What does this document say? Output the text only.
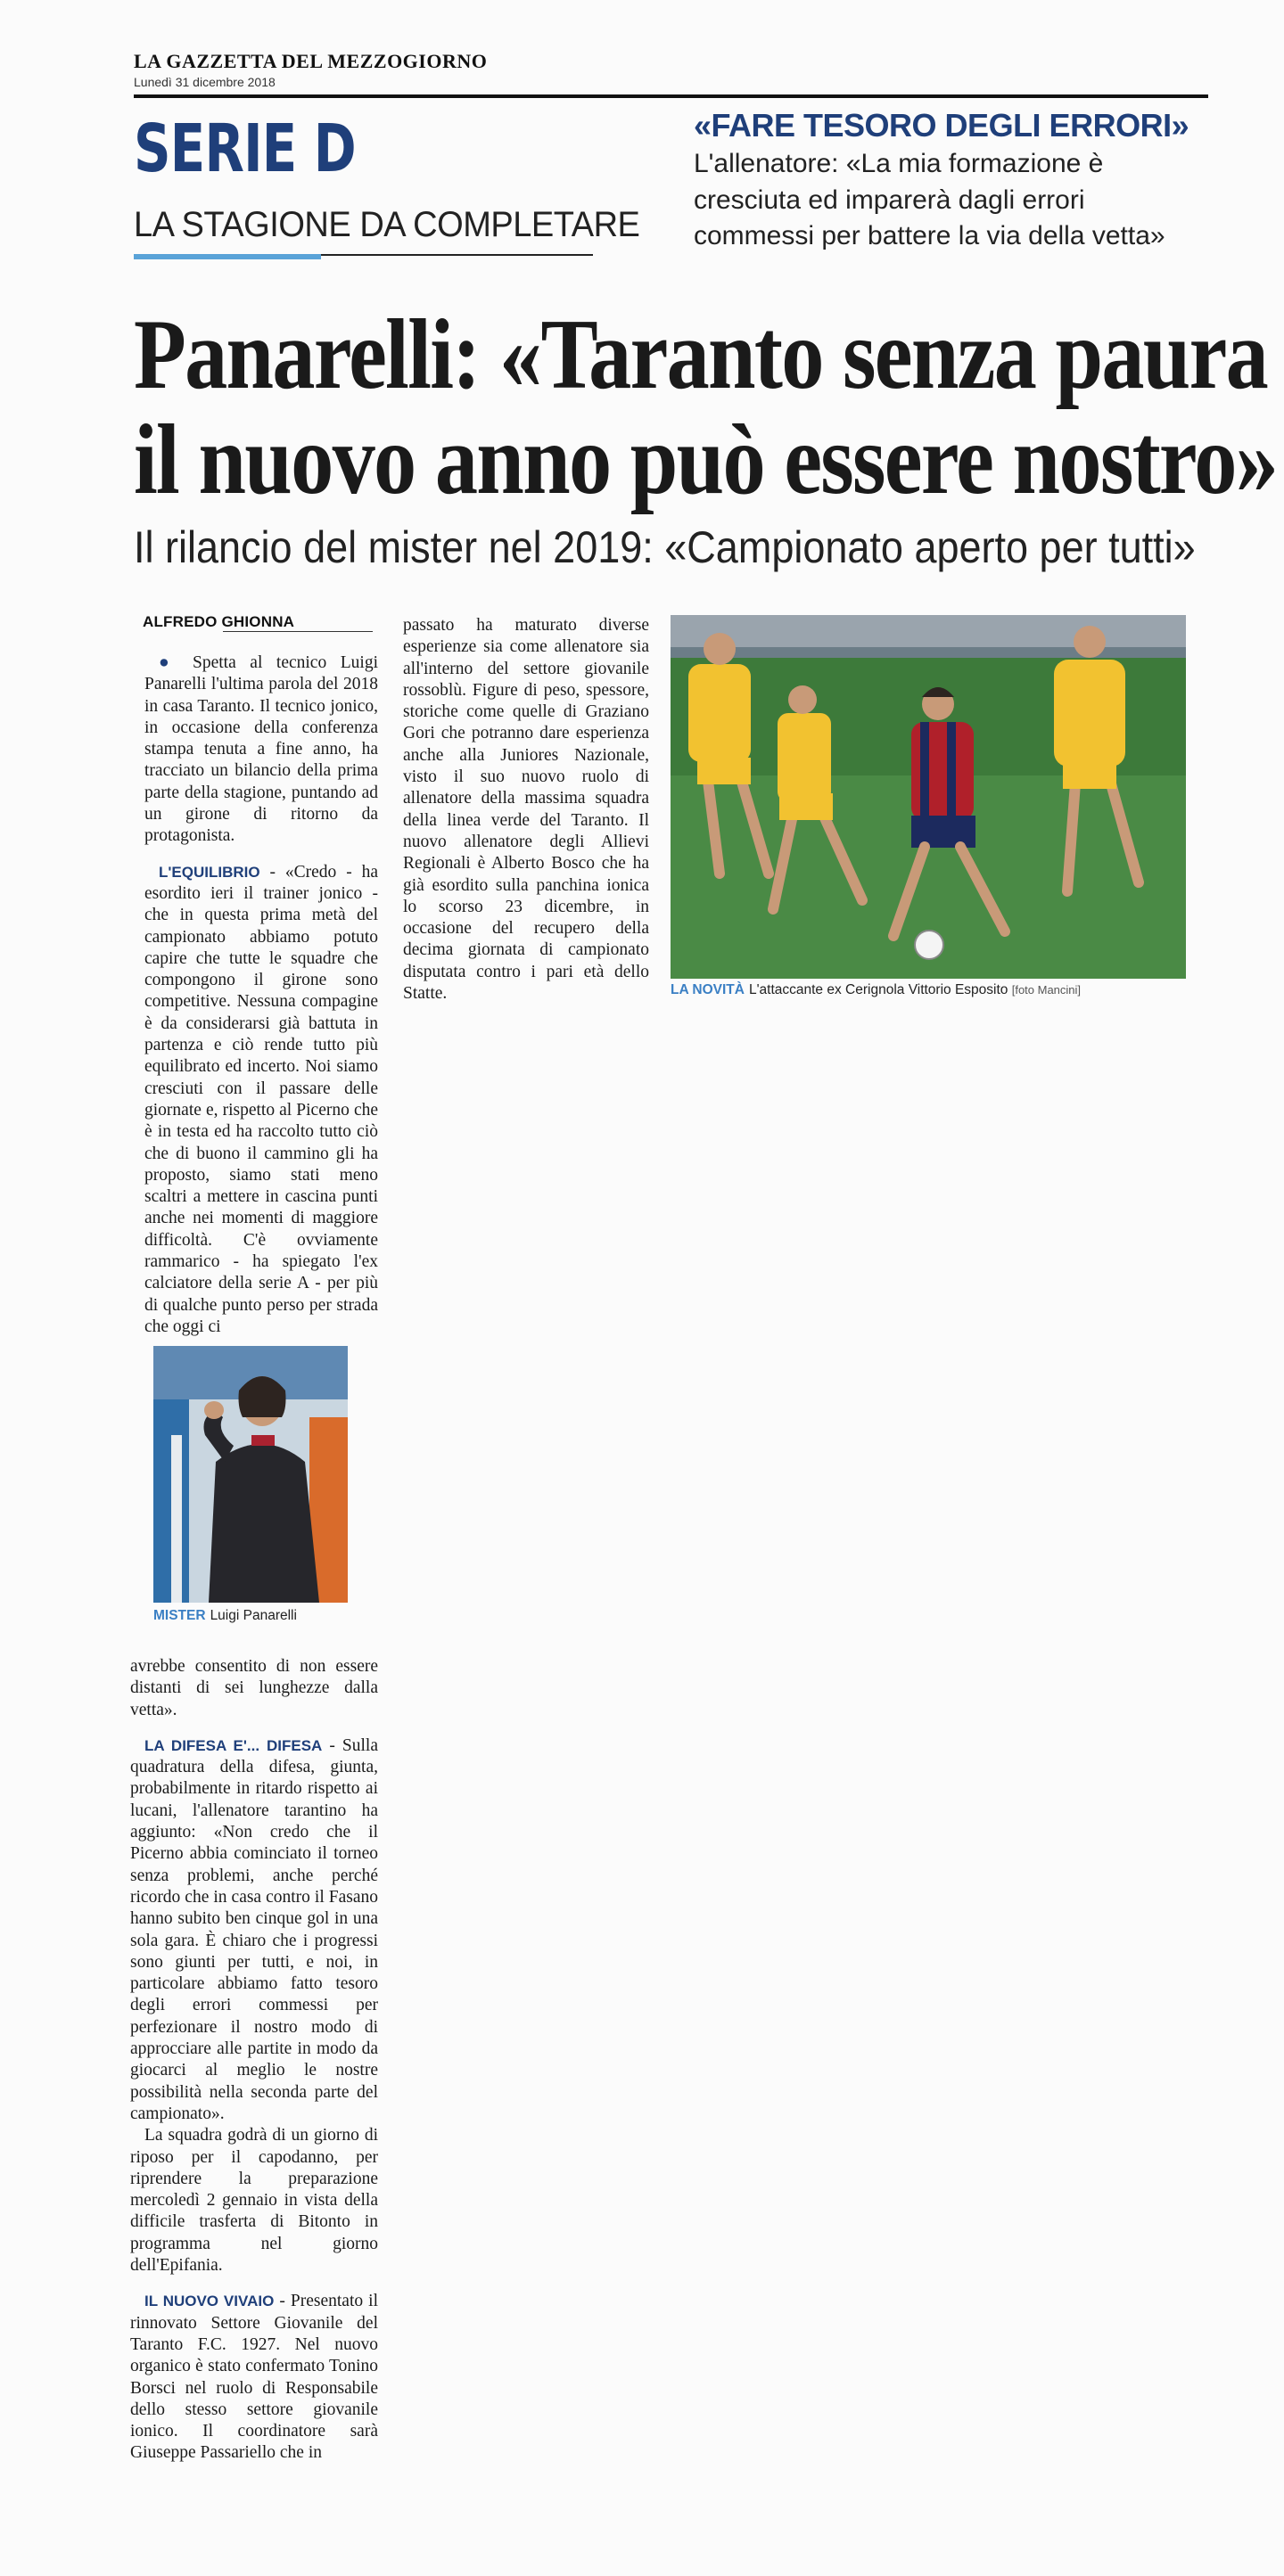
LA GAZZETTA DEL MEZZOGIORNO
Lunedì 31 dicembre 2018
SERIE D
LA STAGIONE DA COMPLETARE
«FARE TESORO DEGLI ERRORI»
L'allenatore: «La mia formazione è
cresciuta ed imparerà dagli errori
commessi per battere la via della vetta»
Panarelli: «Taranto senza paura
il nuovo anno può essere nostro»
Il rilancio del mister nel 2019: «Campionato aperto per tutti»
ALFREDO GHIONNA

● Spetta al tecnico Luigi Panarelli l'ultima parola del 2018 in casa Taranto. Il tecnico jonico, in occasione della conferenza stampa tenuta a fine anno, ha tracciato un bilancio della prima parte della stagione, puntando ad un girone di ritorno da protagonista.

L'EQUILIBRIO - «Credo - ha esordito ieri il trainer jonico - che in questa prima metà del campionato abbiamo potuto capire che tutte le squadre che compongono il girone sono competitive. Nessuna compagine è da considerarsi già battuta in partenza e ciò rende tutto più equilibrato ed incerto. Noi siamo cresciuti con il passare delle giornate e, rispetto al Picerno che è in testa ed ha raccolto tutto ciò che di buono il cammino gli ha proposto, siamo stati meno scaltri a mettere in cascina punti anche nei momenti di maggiore difficoltà. C'è ovviamente rammarico - ha spiegato l'ex calciatore della serie A - per più di qualche punto perso per strada che oggi ci

MISTER Luigi Panarelli

avrebbe consentito di non essere distanti di sei lunghezze dalla vetta».

LA DIFESA E'... DIFESA - Sulla quadratura della difesa, giunta, probabilmente in ritardo rispetto ai lucani, l'allenatore tarantino ha aggiunto: «Non credo che il Picerno abbia cominciato il torneo senza problemi, anche perché ricordo che in casa contro il Fasano hanno subito ben cinque gol in una sola gara. È chiaro che i progressi sono giunti per tutti, e noi, in particolare abbiamo fatto tesoro degli errori commessi per perfezionare il nostro modo di approcciare alle partite in modo da giocarci al meglio le nostre possibilità nella seconda parte del campionato».

La squadra godrà di un giorno di riposo per il capodanno, per riprendere la preparazione mercoledì 2 gennaio in vista della difficile trasferta di Bitonto in programma nel giorno dell'Epifania.

IL NUOVO VIVAIO - Presentato il rinnovato Settore Giovanile del Taranto F.C. 1927. Nel nuovo organico è stato confermato Tonino Borsci nel ruolo di Responsabile dello stesso settore giovanile ionico. Il coordinatore sarà Giuseppe Passariello che in

passato ha maturato diverse esperienze sia come allenatore sia all'interno del settore giovanile rossoblù. Figure di peso, spessore, storiche come quelle di Graziano Gori che potranno dare esperienza anche alla Juniores Nazionale, visto il suo nuovo ruolo di allenatore della massima squadra della linea verde del Taranto. Il nuovo allenatore degli Allievi Regionali è Alberto Bosco che ha già esordito sulla panchina ionica lo scorso 23 dicembre, in occasione del recupero della decima giornata di campionato disputata contro i pari età dello Statte.	LA NOVITÀ L'attaccante ex Cerignola Vittorio Esposito [foto Mancini]
